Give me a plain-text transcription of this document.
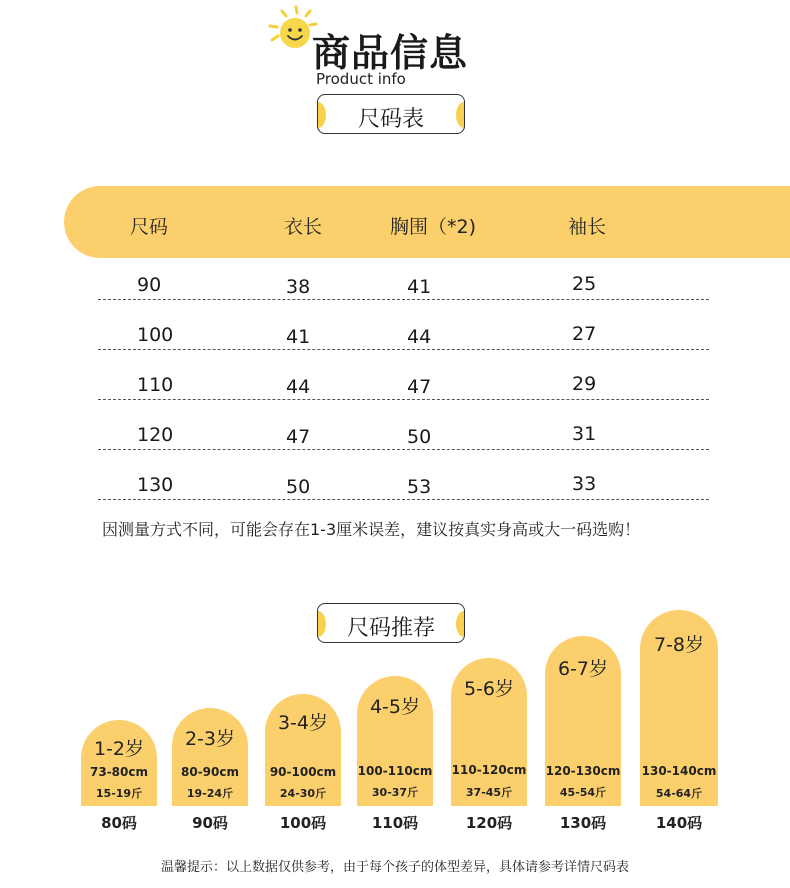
商品信息
Product info
尺码表
尺码	衣长	胸围（*2)	袖长
90	38	41	25
100	41	44	27
110	44	47	29
120	47	50	31
130	50	53	33
因测量方式不同，可能会存在1-3厘米误差，建议按真实身高或大一码选购！
尺码推荐
1-2岁
73-80cm
15-19斤
80码
2-3岁
80-90cm
19-24斤
90码
3-4岁
90-100cm
24-30斤
100码
4-5岁
100-110cm
30-37斤
110码
5-6岁
110-120cm
37-45斤
120码
6-7岁
120-130cm
45-54斤
130码
7-8岁
130-140cm
54-64斤
140码
温馨提示：以上数据仅供参考，由于每个孩子的体型差异，具体请参考详情尺码表
